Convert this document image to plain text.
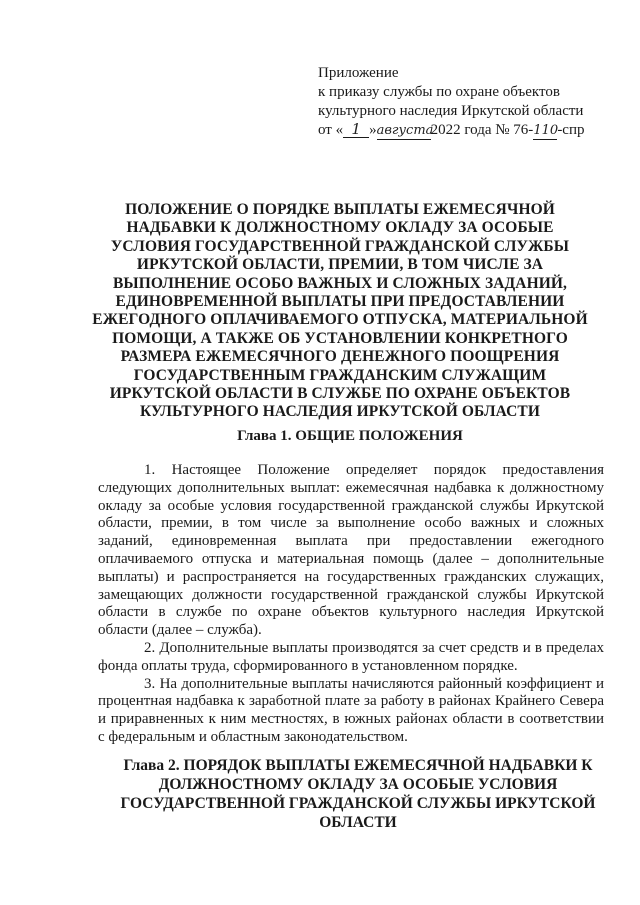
Приложение
к приказу службы по охране объектов
культурного наследия Иркутской области
от « 1 »августа2022 года № 76-110-спр
ПОЛОЖЕНИЕ О ПОРЯДКЕ ВЫПЛАТЫ ЕЖЕМЕСЯЧНОЙ НАДБАВКИ К ДОЛЖНОСТНОМУ ОКЛАДУ ЗА ОСОБЫЕ УСЛОВИЯ ГОСУДАРСТВЕННОЙ ГРАЖДАНСКОЙ СЛУЖБЫ ИРКУТСКОЙ ОБЛАСТИ, ПРЕМИИ, В ТОМ ЧИСЛЕ ЗА ВЫПОЛНЕНИЕ ОСОБО ВАЖНЫХ И СЛОЖНЫХ ЗАДАНИЙ, ЕДИНОВРЕМЕННОЙ ВЫПЛАТЫ ПРИ ПРЕДОСТАВЛЕНИИ ЕЖЕГОДНОГО ОПЛАЧИВАЕМОГО ОТПУСКА, МАТЕРИАЛЬНОЙ ПОМОЩИ, А ТАКЖЕ ОБ УСТАНОВЛЕНИИ КОНКРЕТНОГО РАЗМЕРА ЕЖЕМЕСЯЧНОГО ДЕНЕЖНОГО ПООЩРЕНИЯ ГОСУДАРСТВЕННЫМ ГРАЖДАНСКИМ СЛУЖАЩИМ ИРКУТСКОЙ ОБЛАСТИ В СЛУЖБЕ ПО ОХРАНЕ ОБЪЕКТОВ КУЛЬТУРНОГО НАСЛЕДИЯ ИРКУТСКОЙ ОБЛАСТИ
Глава 1. ОБЩИЕ ПОЛОЖЕНИЯ

1. Настоящее Положение определяет порядок предоставления следующих дополнительных выплат: ежемесячная надбавка к должностному окладу за особые условия государственной гражданской службы Иркутской области, премии, в том числе за выполнение особо важных и сложных заданий, единовременная выплата при предоставлении ежегодного оплачиваемого отпуска и материальная помощь (далее – дополнительные выплаты) и распространяется на государственных гражданских служащих, замещающих должности государственной гражданской службы Иркутской области в службе по охране объектов культурного наследия Иркутской области (далее – служба).

2. Дополнительные выплаты производятся за счет средств и в пределах фонда оплаты труда, сформированного в установленном порядке.

3. На дополнительные выплаты начисляются районный коэффициент и процентная надбавка к заработной плате за работу в районах Крайнего Севера и приравненных к ним местностях, в южных районах области в соответствии с федеральным и областным законодательством.

Глава 2. ПОРЯДОК ВЫПЛАТЫ ЕЖЕМЕСЯЧНОЙ НАДБАВКИ К ДОЛЖНОСТНОМУ ОКЛАДУ ЗА ОСОБЫЕ УСЛОВИЯ ГОСУДАРСТВЕННОЙ ГРАЖДАНСКОЙ СЛУЖБЫ ИРКУТСКОЙ ОБЛАСТИ
